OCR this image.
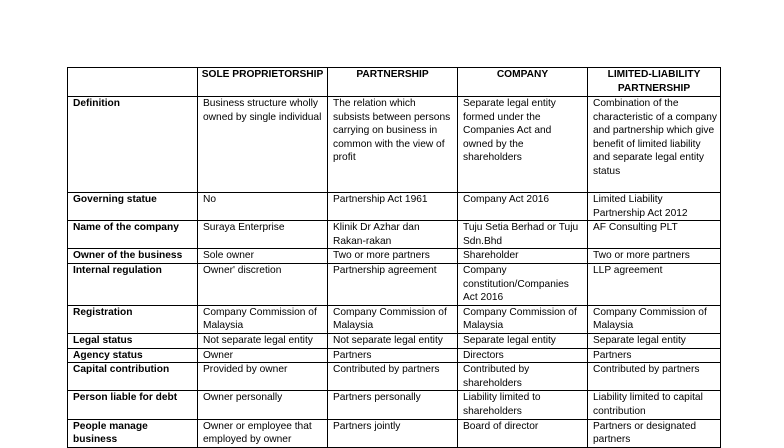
	SOLE PROPRIETORSHIP	PARTNERSHIP	COMPANY	LIMITED-LIABILITY PARTNERSHIP
Definition	Business structure wholly owned by single individual	The relation which subsists between persons carrying on business in common with the view of profit	Separate legal entity formed under the Companies Act and owned by the shareholders	Combination of the characteristic of a company and partnership which give benefit of limited liability and separate legal entity status
Governing statue	No	Partnership Act 1961	Company Act 2016	Limited Liability Partnership Act 2012
Name of the company	Suraya Enterprise	Klinik Dr Azhar dan Rakan-rakan	Tuju Setia Berhad or Tuju Sdn.Bhd	AF Consulting PLT
Owner of the business	Sole owner	Two or more partners	Shareholder	Two or more partners
Internal regulation	Owner' discretion	Partnership agreement	Company constitution/Companies Act 2016	LLP agreement
Registration	Company Commission of Malaysia	Company Commission of Malaysia	Company Commission of Malaysia	Company Commission of Malaysia
Legal status	Not separate legal entity	Not separate legal entity	Separate legal entity	Separate legal entity
Agency status	Owner	Partners	Directors	Partners
Capital contribution	Provided by owner	Contributed by partners	Contributed by shareholders	Contributed by partners
Person liable for debt	Owner personally	Partners personally	Liability limited to shareholders	Liability limited to capital contribution
People manage business	Owner or employee that employed by owner	Partners jointly	Board of director	Partners or designated partners
